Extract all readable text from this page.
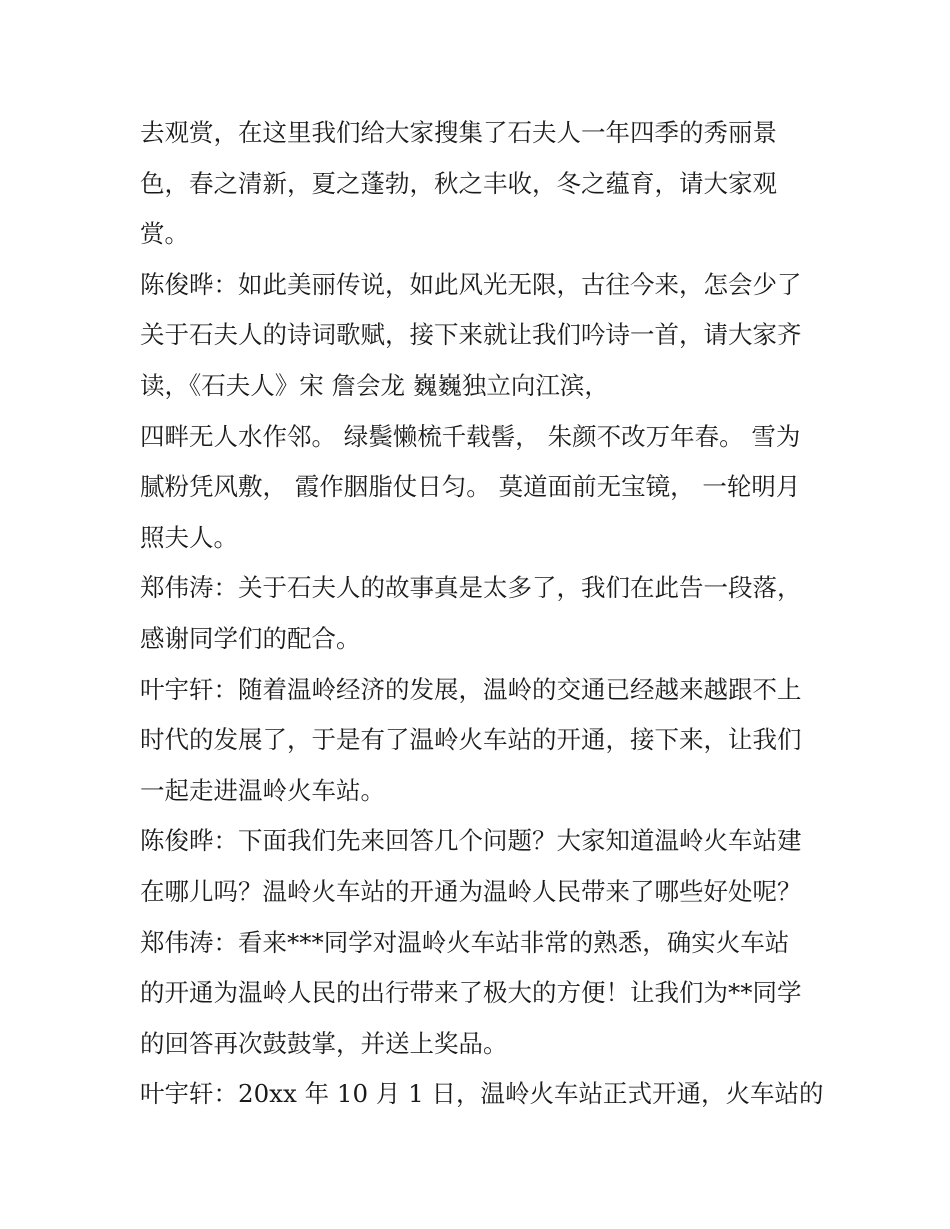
去观赏，在这里我们给大家搜集了石夫人一年四季的秀丽景
色，春之清新，夏之蓬勃，秋之丰收，冬之蕴育，请大家观
赏。
陈俊晔：如此美丽传说，如此风光无限，古往今来，怎会少了
关于石夫人的诗词歌赋，接下来就让我们吟诗一首，请大家齐
读，《石夫人》宋 詹会龙 巍巍独立向江滨，
四畔无人水作邻。 绿鬓懒梳千载髻， 朱颜不改万年春。 雪为
腻粉凭风敷， 霞作胭脂仗日匀。 莫道面前无宝镜， 一轮明月
照夫人。
郑伟涛：关于石夫人的故事真是太多了，我们在此告一段落，
感谢同学们的配合。
叶宇轩：随着温岭经济的发展，温岭的交通已经越来越跟不上
时代的发展了，于是有了温岭火车站的开通，接下来，让我们
一起走进温岭火车站。
陈俊晔：下面我们先来回答几个问题？大家知道温岭火车站建
在哪儿吗？温岭火车站的开通为温岭人民带来了哪些好处呢？
郑伟涛：看来***同学对温岭火车站非常的熟悉，确实火车站
的开通为温岭人民的出行带来了极大的方便！让我们为**同学
的回答再次鼓鼓掌，并送上奖品。
叶宇轩：20xx 年 10 月 1 日，温岭火车站正式开通，火车站的
